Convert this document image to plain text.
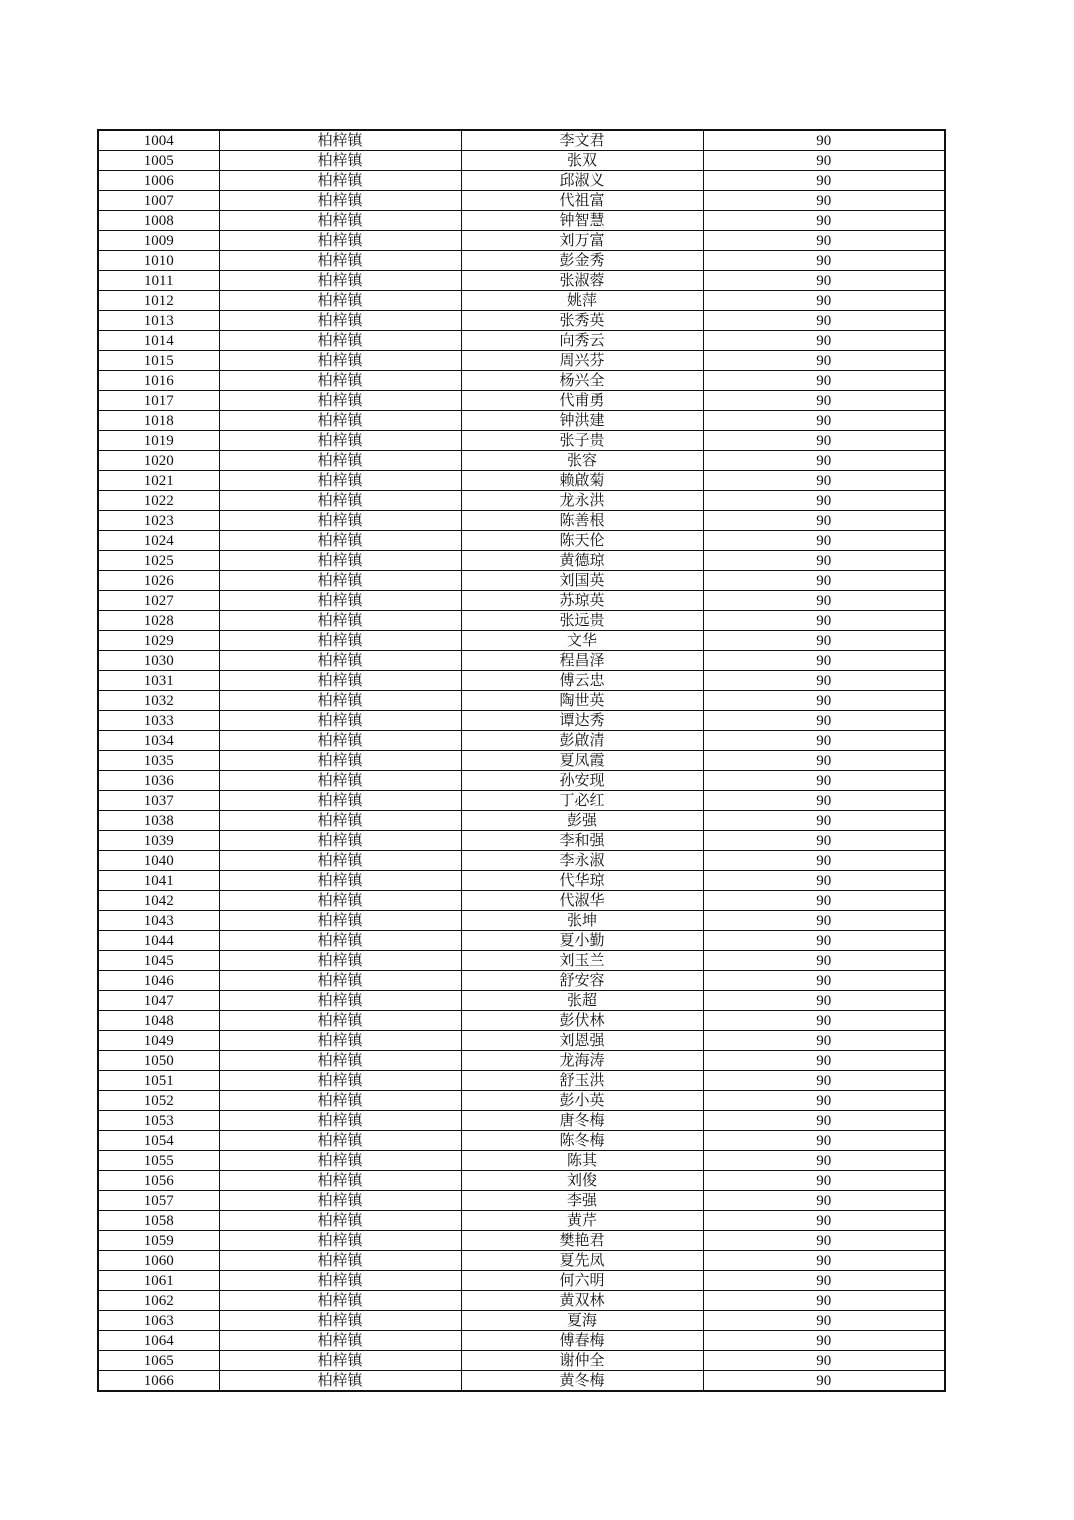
1004	柏梓镇	李文君	90
1005	柏梓镇	张双	90
1006	柏梓镇	邱淑义	90
1007	柏梓镇	代祖富	90
1008	柏梓镇	钟智慧	90
1009	柏梓镇	刘万富	90
1010	柏梓镇	彭金秀	90
1011	柏梓镇	张淑蓉	90
1012	柏梓镇	姚萍	90
1013	柏梓镇	张秀英	90
1014	柏梓镇	向秀云	90
1015	柏梓镇	周兴芬	90
1016	柏梓镇	杨兴全	90
1017	柏梓镇	代甫勇	90
1018	柏梓镇	钟洪建	90
1019	柏梓镇	张子贵	90
1020	柏梓镇	张容	90
1021	柏梓镇	赖啟菊	90
1022	柏梓镇	龙永洪	90
1023	柏梓镇	陈善根	90
1024	柏梓镇	陈天伦	90
1025	柏梓镇	黄德琼	90
1026	柏梓镇	刘国英	90
1027	柏梓镇	苏琼英	90
1028	柏梓镇	张远贵	90
1029	柏梓镇	文华	90
1030	柏梓镇	程昌泽	90
1031	柏梓镇	傅云忠	90
1032	柏梓镇	陶世英	90
1033	柏梓镇	谭达秀	90
1034	柏梓镇	彭啟清	90
1035	柏梓镇	夏凤霞	90
1036	柏梓镇	孙安现	90
1037	柏梓镇	丁必红	90
1038	柏梓镇	彭强	90
1039	柏梓镇	李和强	90
1040	柏梓镇	李永淑	90
1041	柏梓镇	代华琼	90
1042	柏梓镇	代淑华	90
1043	柏梓镇	张坤	90
1044	柏梓镇	夏小勤	90
1045	柏梓镇	刘玉兰	90
1046	柏梓镇	舒安容	90
1047	柏梓镇	张超	90
1048	柏梓镇	彭伏林	90
1049	柏梓镇	刘恩强	90
1050	柏梓镇	龙海涛	90
1051	柏梓镇	舒玉洪	90
1052	柏梓镇	彭小英	90
1053	柏梓镇	唐冬梅	90
1054	柏梓镇	陈冬梅	90
1055	柏梓镇	陈其	90
1056	柏梓镇	刘俊	90
1057	柏梓镇	李强	90
1058	柏梓镇	黄芹	90
1059	柏梓镇	樊艳君	90
1060	柏梓镇	夏先凤	90
1061	柏梓镇	何六明	90
1062	柏梓镇	黄双林	90
1063	柏梓镇	夏海	90
1064	柏梓镇	傅春梅	90
1065	柏梓镇	谢仲全	90
1066	柏梓镇	黄冬梅	90
